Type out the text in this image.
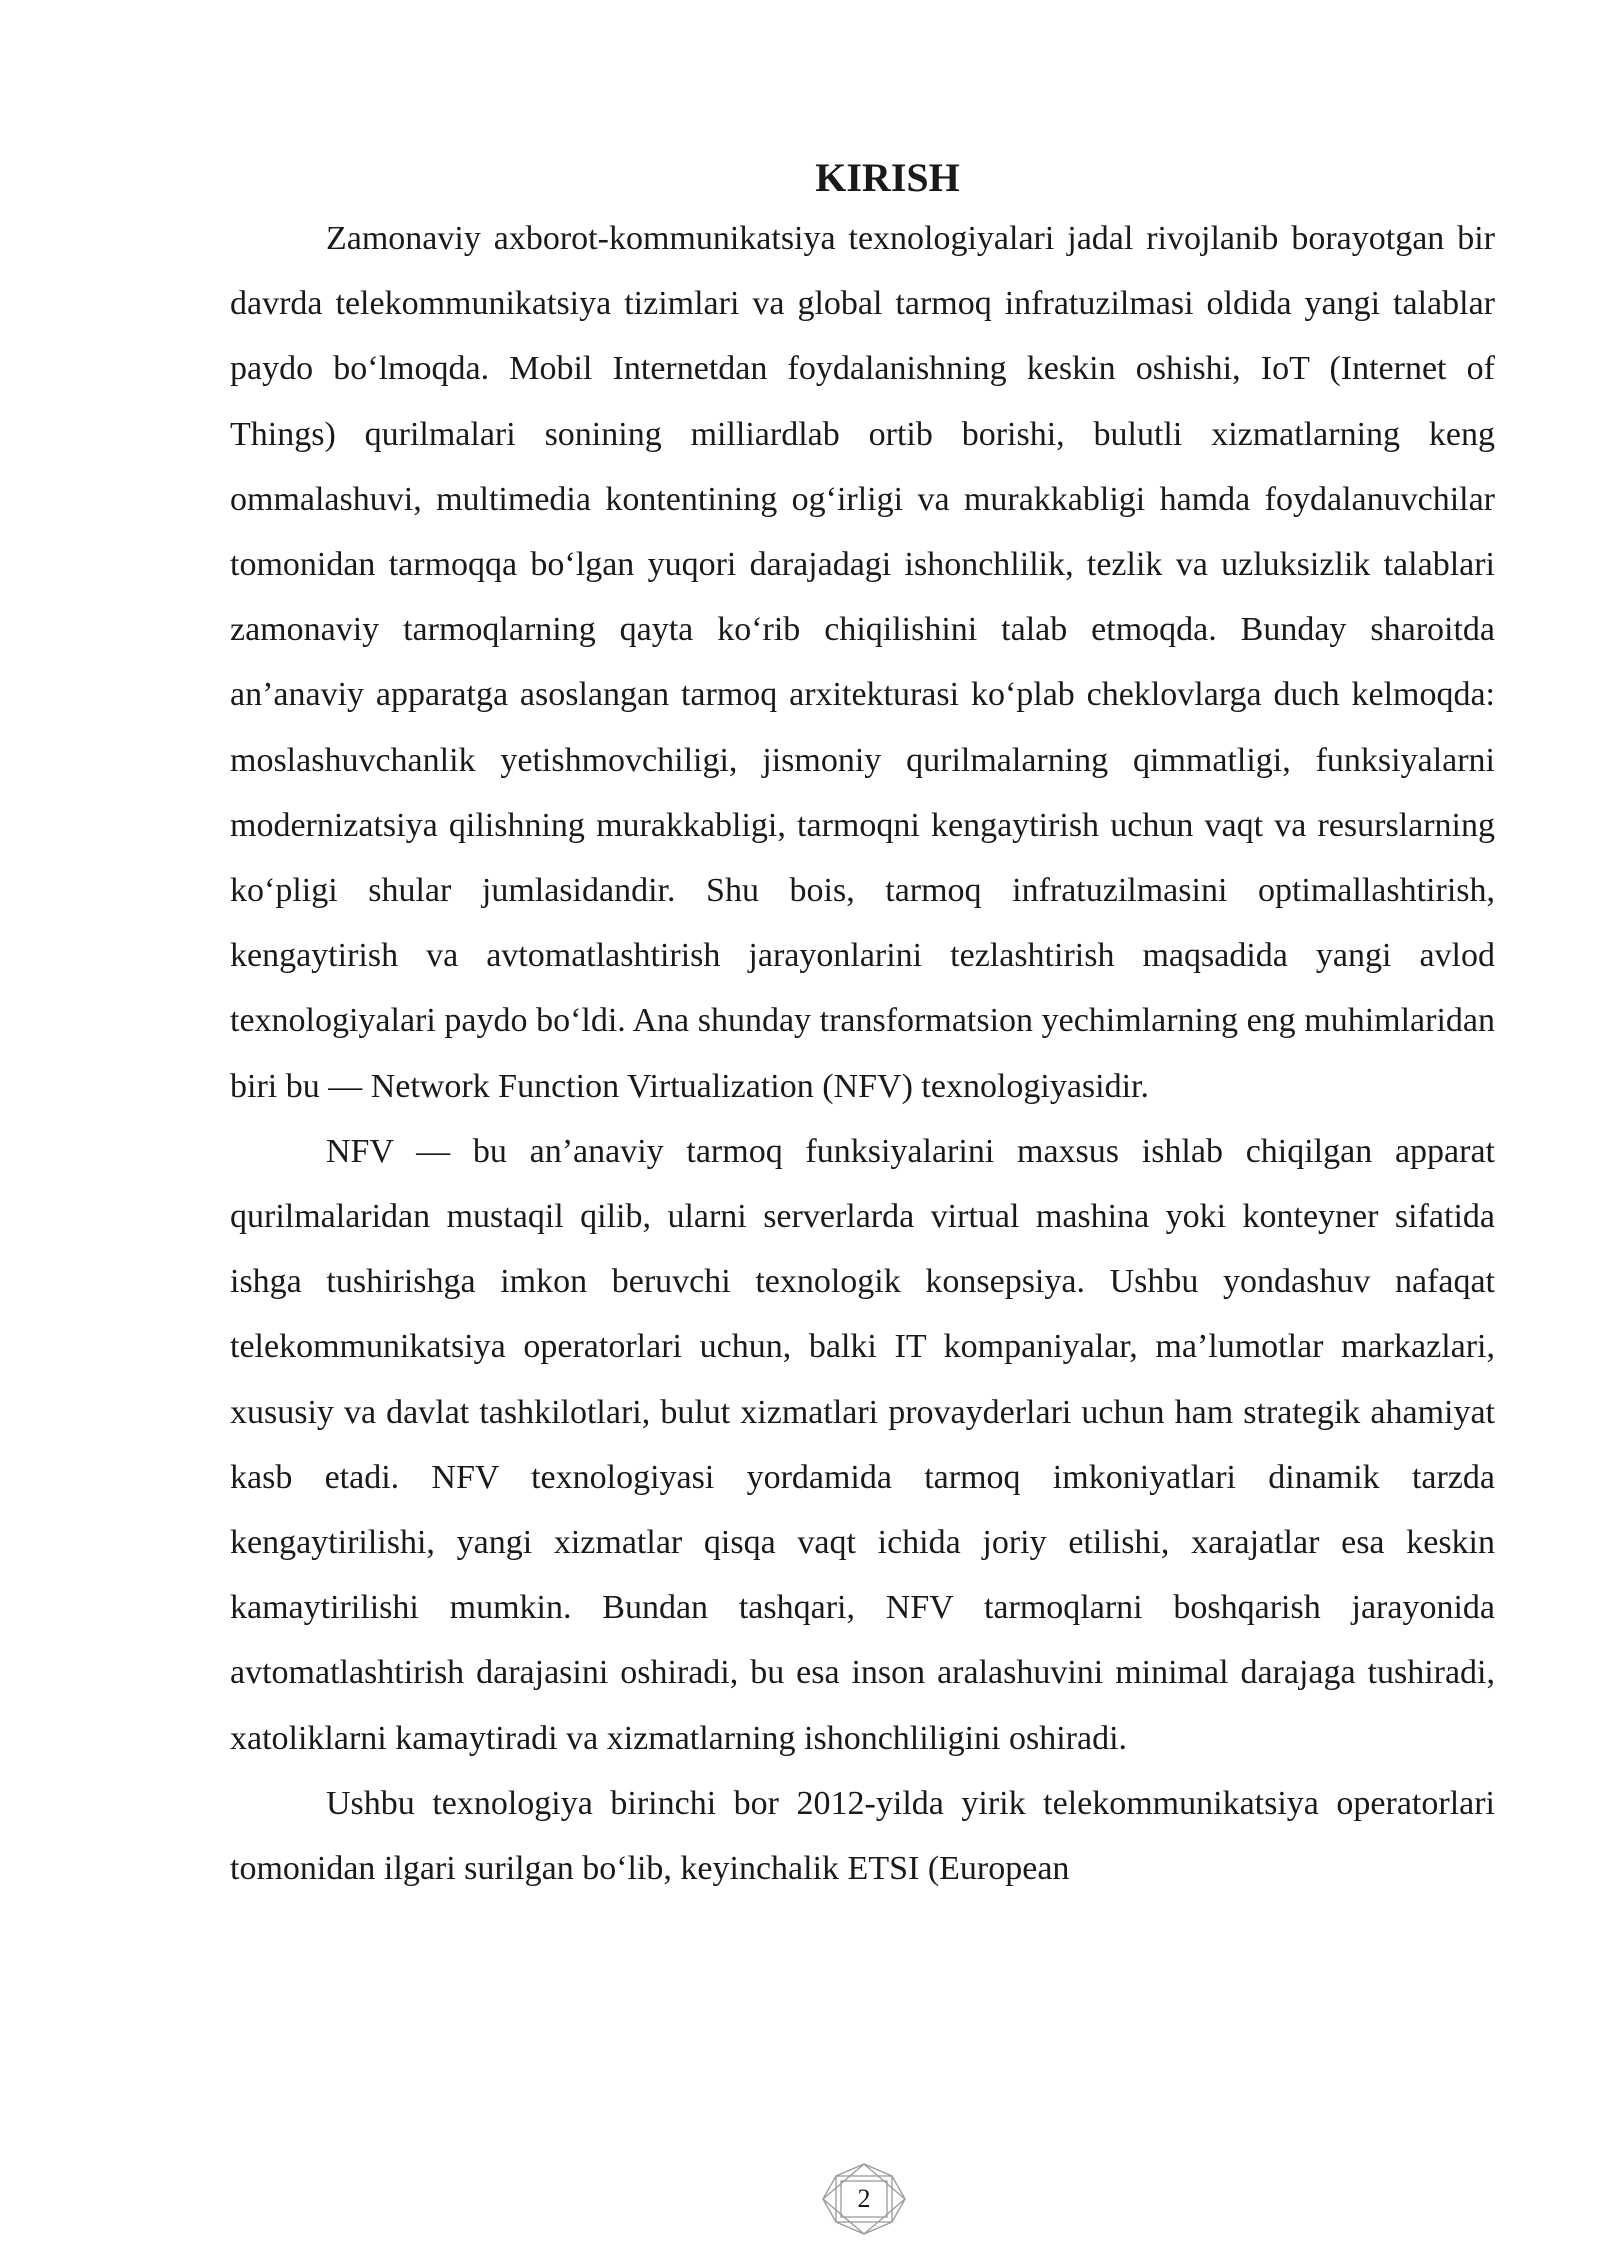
KIRISH

Zamonaviy axborot-kommunikatsiya texnologiyalari jadal rivojlanib borayotgan bir davrda telekommunikatsiya tizimlari va global tarmoq infratuzilmasi oldida yangi talablar paydo bo‘lmoqda. Mobil Internetdan foydalanishning keskin oshishi, IoT (Internet of Things) qurilmalari sonining milliardlab ortib borishi, bulutli xizmatlarning keng ommalashuvi, multimedia kontentining og‘irligi va murakkabligi hamda foydalanuvchilar tomonidan tarmoqqa bo‘lgan yuqori darajadagi ishonchlilik, tezlik va uzluksizlik talablari zamonaviy tarmoqlarning qayta ko‘rib chiqilishini talab etmoqda. Bunday sharoitda an’anaviy apparatga asoslangan tarmoq arxitekturasi ko‘plab cheklovlarga duch kelmoqda: moslashuvchanlik yetishmovchiligi, jismoniy qurilmalarning qimmatligi, funksiyalarni modernizatsiya qilishning murakkabligi, tarmoqni kengaytirish uchun vaqt va resurslarning ko‘pligi shular jumlasidandir. Shu bois, tarmoq infratuzilmasini optimallashtirish, kengaytirish va avtomatlashtirish jarayonlarini tezlashtirish maqsadida yangi avlod texnologiyalari paydo bo‘ldi. Ana shunday transformatsion yechimlarning eng muhimlaridan biri bu — Network Function Virtualization (NFV) texnologiyasidir.

NFV — bu an’anaviy tarmoq funksiyalarini maxsus ishlab chiqilgan apparat qurilmalaridan mustaqil qilib, ularni serverlarda virtual mashina yoki konteyner sifatida ishga tushirishga imkon beruvchi texnologik konsepsiya. Ushbu yondashuv nafaqat telekommunikatsiya operatorlari uchun, balki IT kompaniyalar, ma’lumotlar markazlari, xususiy va davlat tashkilotlari, bulut xizmatlari provayderlari uchun ham strategik ahamiyat kasb etadi. NFV texnologiyasi yordamida tarmoq imkoniyatlari dinamik tarzda kengaytirilishi, yangi xizmatlar qisqa vaqt ichida joriy etilishi, xarajatlar esa keskin kamaytirilishi mumkin. Bundan tashqari, NFV tarmoqlarni boshqarish jarayonida avtomatlashtirish darajasini oshiradi, bu esa inson aralashuvini minimal darajaga tushiradi, xatoliklarni kamaytiradi va xizmatlarning ishonchliligini oshiradi.

Ushbu texnologiya birinchi bor 2012-yilda yirik telekommunikatsiya operatorlari tomonidan ilgari surilgan bo‘lib, keyinchalik ETSI (European

2
